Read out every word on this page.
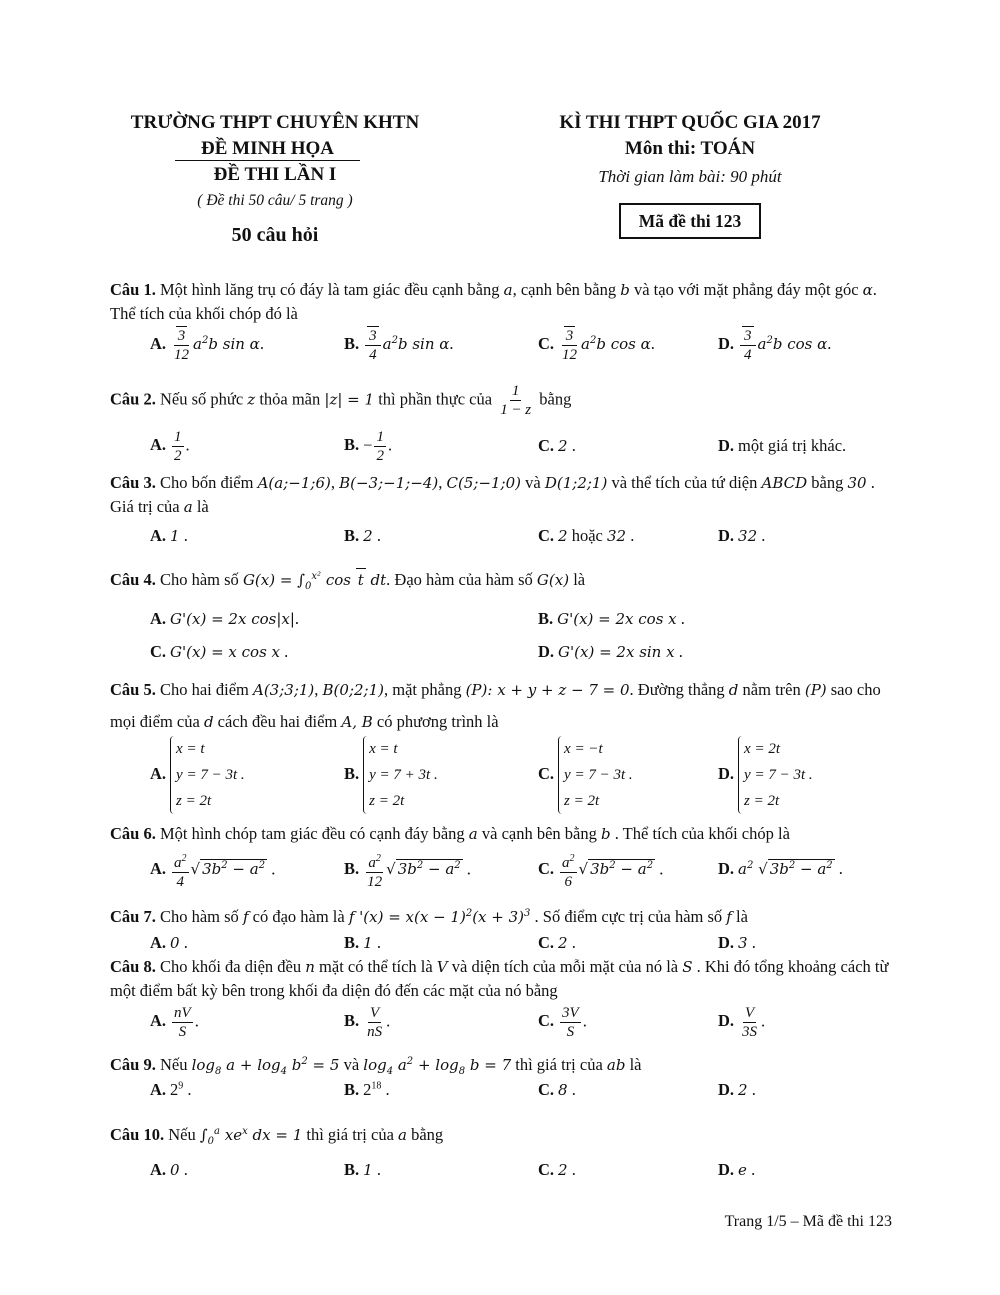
TRƯỜNG THPT CHUYÊN KHTN
ĐỀ MINH HỌA
ĐỀ THI LẦN I
( Đề thi 50 câu/ 5 trang )
50 câu hỏi
KÌ THI THPT QUỐC GIA 2017
Môn thi: TOÁN
Thời gian làm bài: 90 phút
Mã đề thi 123
Câu 1. Một hình lăng trụ có đáy là tam giác đều cạnh bằng a, cạnh bên bằng b và tạo với mặt phẳng đáy một góc α. Thể tích của khối chóp đó là
A. $\frac{3}{12} a^2b$ sin α.	B. $\frac{3}{4} a^2b$ sin α.	C. $\frac{3}{12} a^2b$ cos α.	D. $\frac{3}{4} a^2b$ cos α.
Câu 2. Nếu số phức z thỏa mãn |z| = 1 thì phần thực của $\frac{1}{1 - z}$ bằng
A. $\frac{1}{2}$ .	B. − $\frac{1}{2}$ .	C. 2 .	D. một giá trị khác.
Câu 3. Cho bốn điểm A(a;−1;6), B(−3;−1;−4), C(5;−1;0) và D(1;2;1) và thể tích của tứ diện ABCD bằng 30 . Giá trị của a là
A. 1 .	B. 2 .	C. 2 hoặc 32 .	D. 32 .
Câu 4. Cho hàm số $G(x) = \int_0^{x^2}$ cos t dt. Đạo hàm của hàm số G(x) là
A. G'(x) = 2x cos|x|.	B. G'(x) = 2x cos x .
C. G'(x) = x cos x .	D. G'(x) = 2x sin x .
Câu 5. Cho hai điểm A(3;3;1), B(0;2;1), mặt phẳng (P): x + y + z − 7 = 0. Đường thẳng d nằm trên (P) sao cho mọi điểm của d cách đều hai điểm A, B có phương trình là
A.
x = t
y = 7 − 3t .
z = 2t
B.
x = t
y = 7 + 3t .
z = 2t
C.
x = −t
y = 7 − 3t .
z = 2t
D.
x = 2t
y = 7 − 3t .
z = 2t
Câu 6. Một hình chóp tam giác đều có cạnh đáy bằng a và cạnh bên bằng b . Thể tích của khối chóp là
A. $\frac{a^2}{4}$ √ $3b^2 - a^2$ .	B. $\frac{a^2}{12}$ √ $3b^2 - a^2$ .	C. $\frac{a^2}{6}$ √ $3b^2 - a^2$ .	D. $a^2$ √ $3b^2 - a^2$ .
Câu 7. Cho hàm số f có đạo hàm là f '$(x) = x(x - 1)^2(x + 3)^3$ . Số điểm cực trị của hàm số f là
A. 0 .	B. 1 .	C. 2 .	D. 3 .
Câu 8. Cho khối đa diện đều n mặt có thể tích là V và diện tích của mỗi mặt của nó là S . Khi đó tổng khoảng cách từ một điểm bất kỳ bên trong khối đa diện đó đến các mặt của nó bằng
A. $\frac{nV}{S}$ .	B. $\frac{V}{nS}$ .	C. $\frac{3V}{S}$ .	D. $\frac{V}{3S}$ .
Câu 9. Nếu $\log_8 a + \log_4 b^2 = 5$ và $\log_4 a^2 + \log_8 b = 7$ thì giá trị của ab là
A. $2^9$ .	B. $2^{18}$ .	C. 8 .	D. 2 .
Câu 10. Nếu $\int_0^a$ $xe^x$ dx = 1 thì giá trị của a bằng
A. 0 .	B. 1 .	C. 2 .	D. e .
Trang 1/5 – Mã đề thi 123
